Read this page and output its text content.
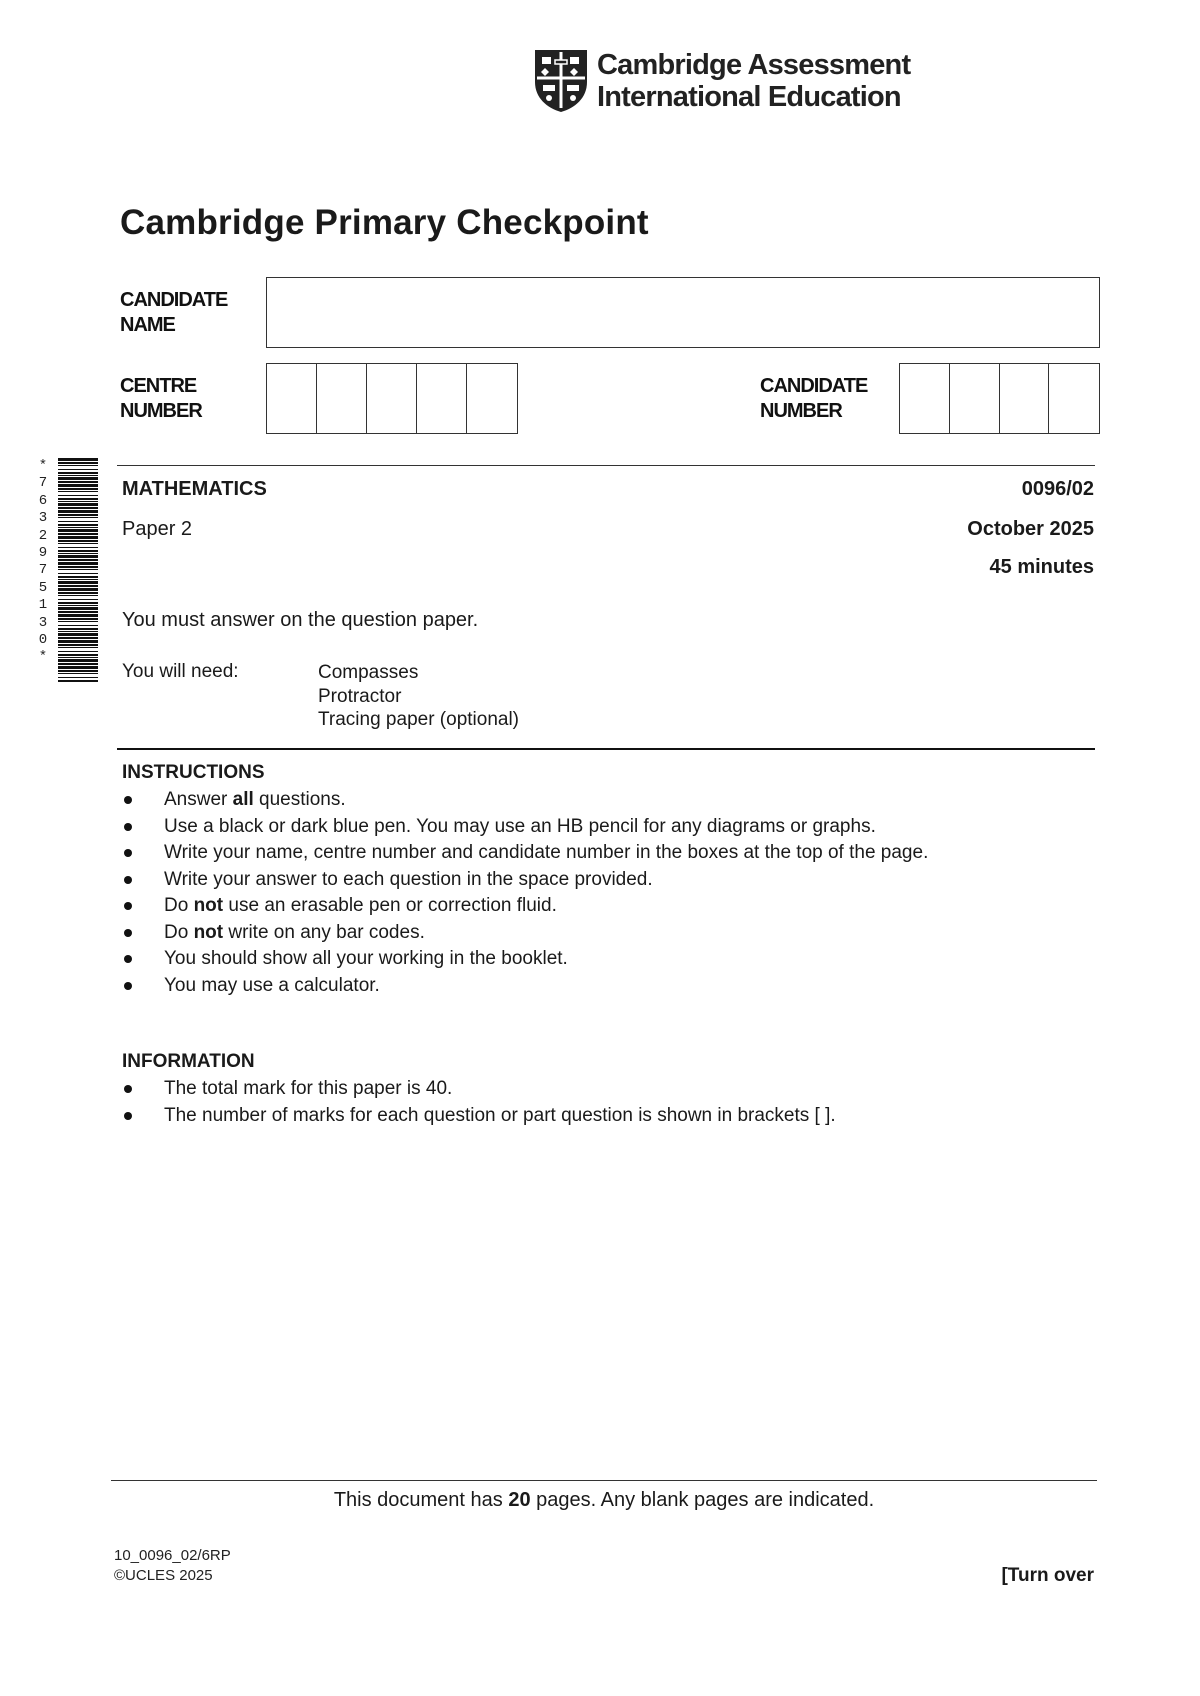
Cambridge Assessment
International Education
Cambridge Primary Checkpoint
CANDIDATE
NAME
CENTRE
NUMBER
CANDIDATE
NUMBER
*
7
6
3
2
9
7
5
1
3
0
*
MATHEMATICS	0096/02
Paper 2	October 2025
45 minutes
You must answer on the question paper.
You will need:	Compasses
Protractor
Tracing paper (optional)
INSTRUCTIONS
Answer all questions.
Use a black or dark blue pen. You may use an HB pencil for any diagrams or graphs.
Write your name, centre number and candidate number in the boxes at the top of the page.
Write your answer to each question in the space provided.
Do not use an erasable pen or correction fluid.
Do not write on any bar codes.
You should show all your working in the booklet.
You may use a calculator.
INFORMATION
The total mark for this paper is 40.
The number of marks for each question or part question is shown in brackets [ ].
This document has 20 pages. Any blank pages are indicated.
10_0096_02/6RP
©UCLES 2025	[Turn over
